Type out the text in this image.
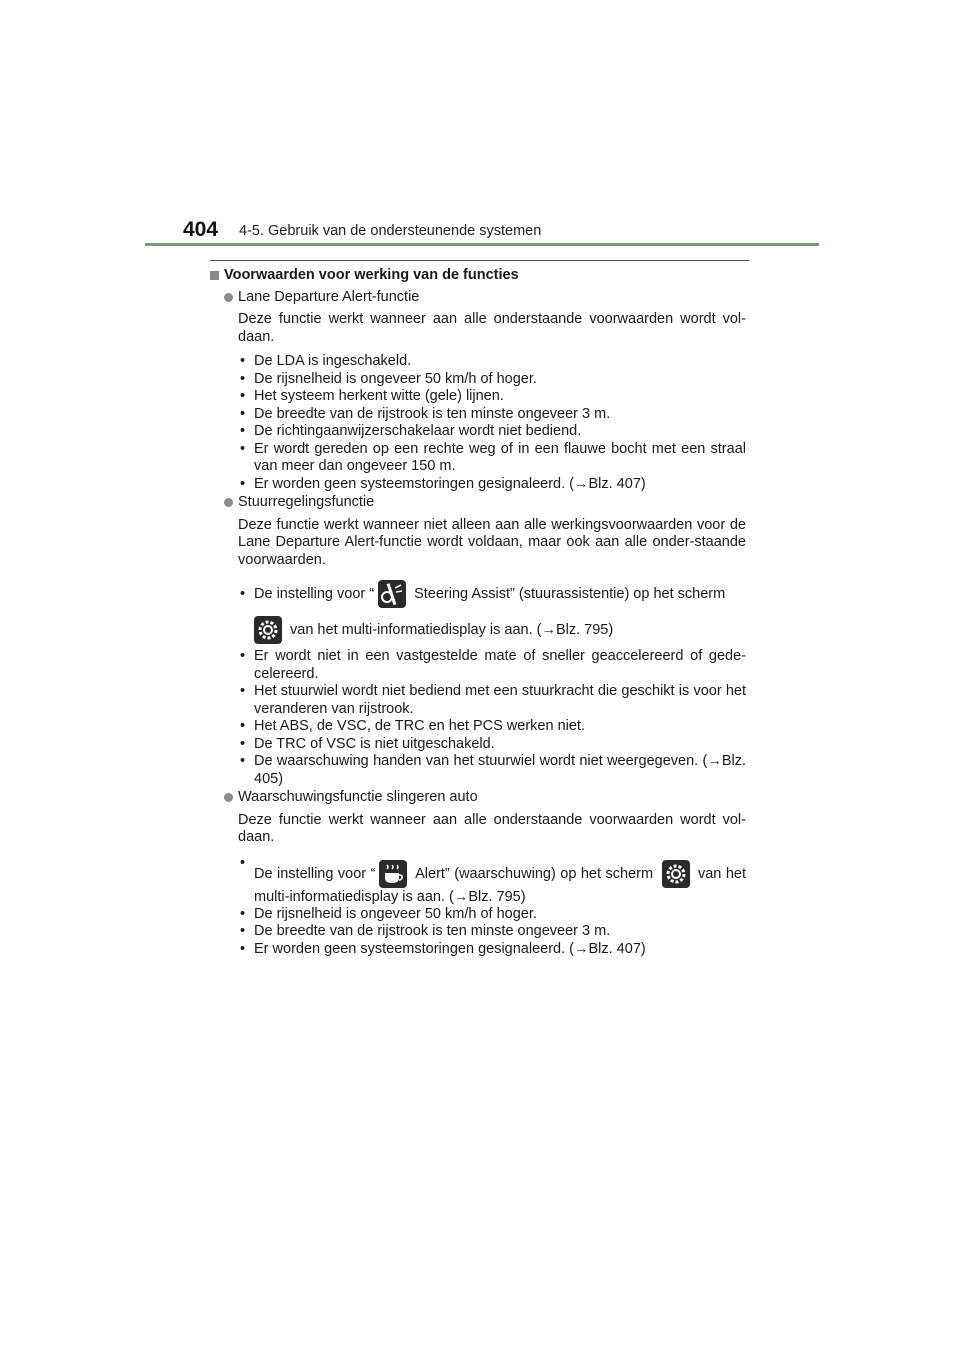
404 4-5. Gebruik van de ondersteunende systemen
Voorwaarden voor werking van de functies
Lane Departure Alert-functie
Deze functie werkt wanneer aan alle onderstaande voorwaarden wordt vol-daan.
• De LDA is ingeschakeld.
• De rijsnelheid is ongeveer 50 km/h of hoger.
• Het systeem herkent witte (gele) lijnen.
• De breedte van de rijstrook is ten minste ongeveer 3 m.
• De richtingaanwijzerschakelaar wordt niet bediend.
• Er wordt gereden op een rechte weg of in een flauwe bocht met een straal van meer dan ongeveer 150 m.
• Er worden geen systeemstoringen gesignaleerd. (→Blz. 407)
Stuurregelingsfunctie
Deze functie werkt wanneer niet alleen aan alle werkingsvoorwaarden voor de Lane Departure Alert-functie wordt voldaan, maar ook aan alle onder-staande voorwaarden.
• De instelling voor “
Steering Assist” (stuurassistentie) op het scherm

van het multi-informatiedisplay is aan. (→Blz. 795)
• Er wordt niet in een vastgestelde mate of sneller geaccelereerd of gede-celereerd.
• Het stuurwiel wordt niet bediend met een stuurkracht die geschikt is voor het veranderen van rijstrook.
• Het ABS, de VSC, de TRC en het PCS werken niet.
• De TRC of VSC is niet uitgeschakeld.
• De waarschuwing handen van het stuurwiel wordt niet weergegeven. (→Blz. 405)
Waarschuwingsfunctie slingeren auto
Deze functie werkt wanneer aan alle onderstaande voorwaarden wordt vol-daan.
• De instelling voor “
Alert” (waarschuwing) op het scherm
van het multi-informatiedisplay is aan. (→Blz. 795)
• De rijsnelheid is ongeveer 50 km/h of hoger.
• De breedte van de rijstrook is ten minste ongeveer 3 m.
• Er worden geen systeemstoringen gesignaleerd. (→Blz. 407)
